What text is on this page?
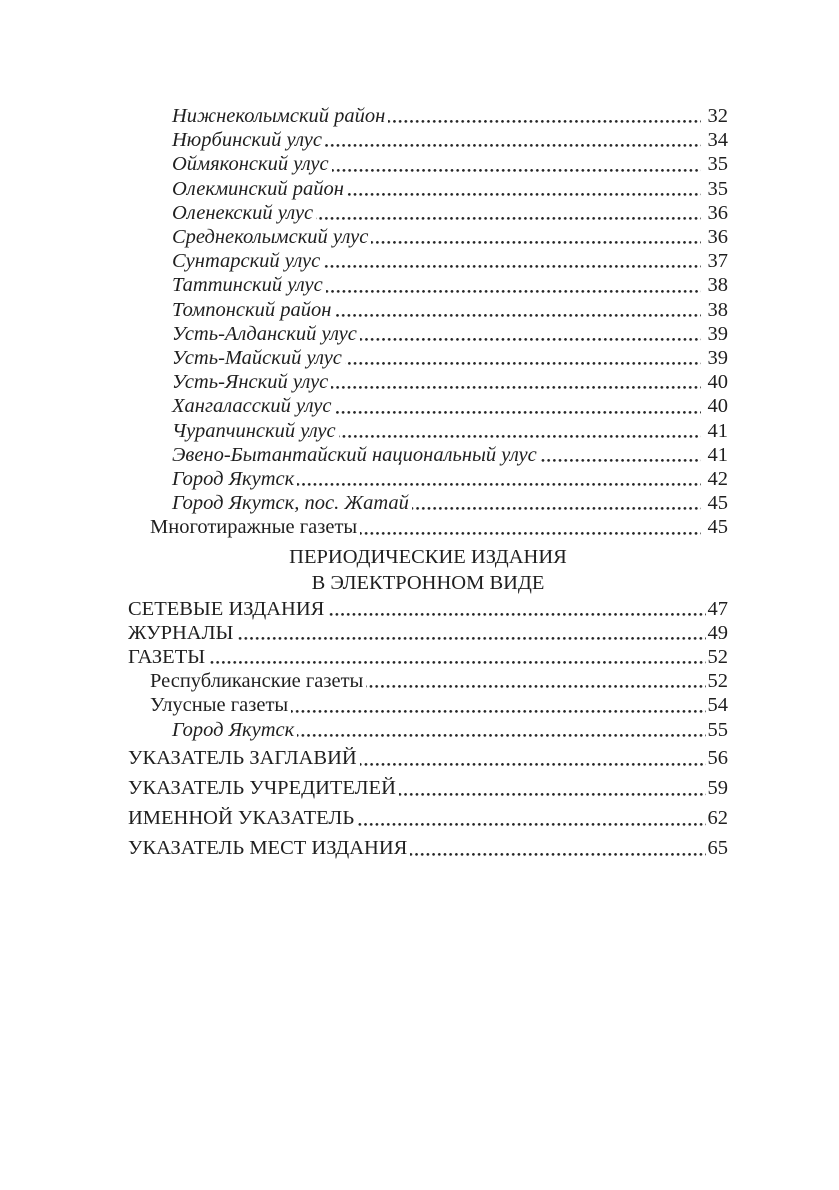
Нижнеколымский район	32
Нюрбинский улус	34
Оймяконский улус	35
Олекминский район	35
Оленекский улус	36
Среднеколымский улус	36
Сунтарский улус	37
Таттинский улус	38
Томпонский район	38
Усть-Алданский улус	39
Усть-Майский улус	39
Усть-Янский улус	40
Хангаласский улус	40
Чурапчинский улус	41
Эвено-Бытантайский национальный улус	41
Город Якутск	42
Город Якутск, пос. Жатай	45
Многотиражные газеты	45
ПЕРИОДИЧЕСКИЕ ИЗДАНИЯ
В ЭЛЕКТРОННОМ ВИДЕ
СЕТЕВЫЕ ИЗДАНИЯ	47
ЖУРНАЛЫ	49
ГАЗЕТЫ	52
Республиканские газеты	52
Улусные газеты	54
Город Якутск	55
УКАЗАТЕЛЬ ЗАГЛАВИЙ	56
УКАЗАТЕЛЬ УЧРЕДИТЕЛЕЙ	59
ИМЕННОЙ УКАЗАТЕЛЬ	62
УКАЗАТЕЛЬ МЕСТ ИЗДАНИЯ	65
